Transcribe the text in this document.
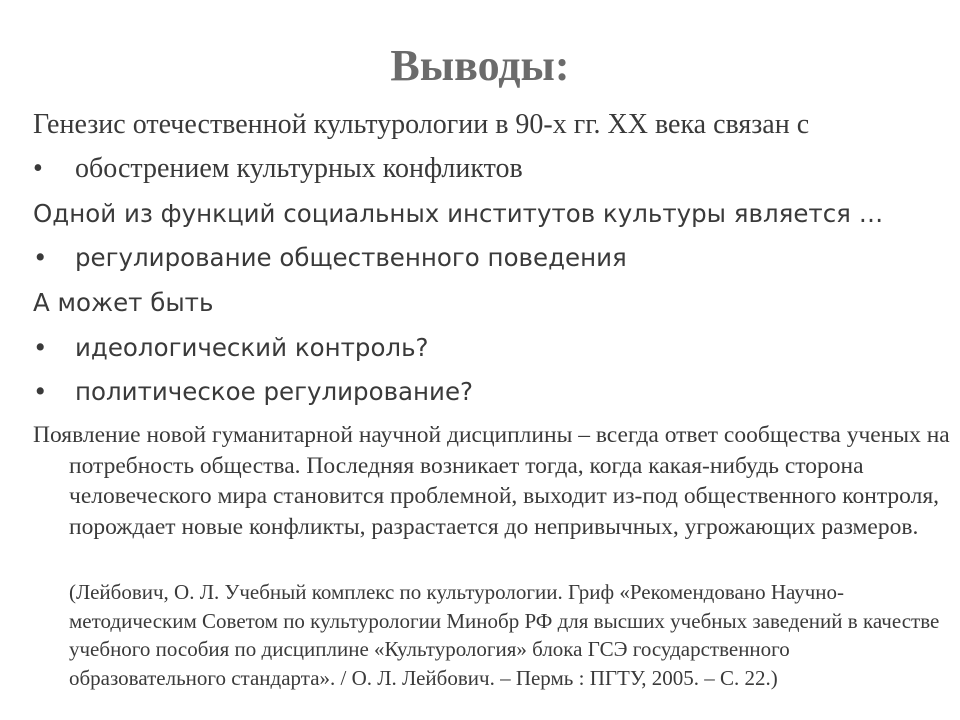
Выводы:
Генезис отечественной культурологии в 90-х гг. ХХ века связан с
• обострением культурных конфликтов
Одной из функций социальных институтов культуры является …
• регулирование общественного поведения
А может быть
• идеологический контроль?
• политическое регулирование?
Появление новой гуманитарной научной дисциплины – всегда ответ сообщества ученых на потребность общества. Последняя возникает тогда, когда какая-нибудь сторона человеческого мира становится проблемной, выходит из-под общественного контроля, порождает новые конфликты, разрастается до непривычных, угрожающих размеров.
(Лейбович, О. Л. Учебный комплекс по культурологии. Гриф «Рекомендовано Научно-методическим Советом по культурологии Минобр РФ для высших учебных заведений в качестве учебного пособия по дисциплине «Культурология» блока ГСЭ государственного образовательного стандарта». / О. Л. Лейбович. – Пермь : ПГТУ, 2005. – С. 22.)
